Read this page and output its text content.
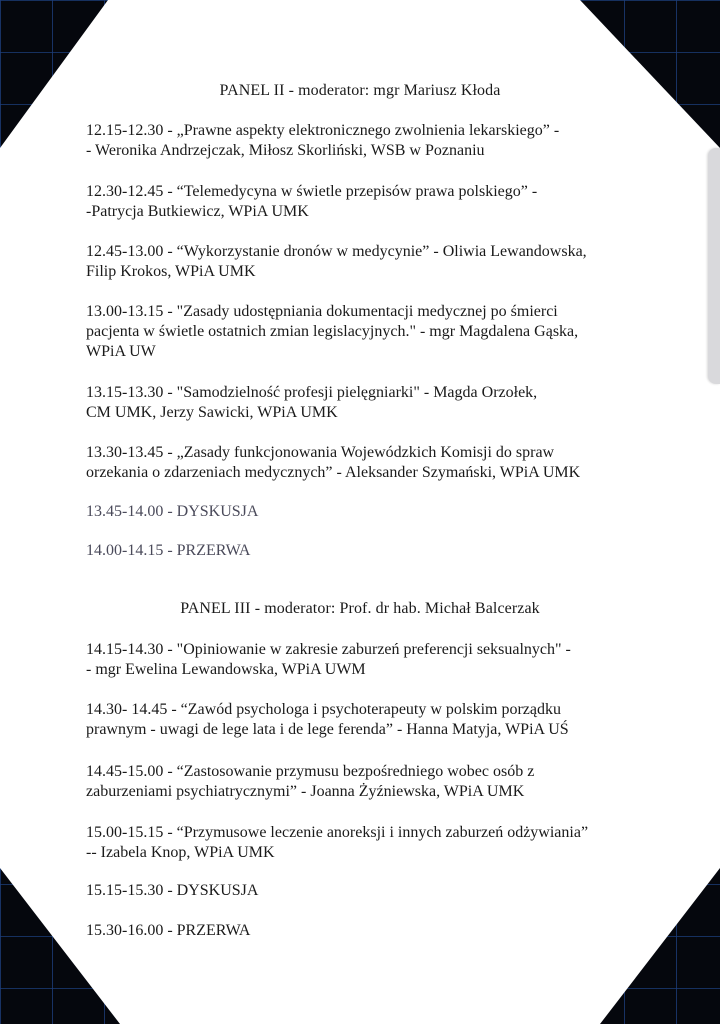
PANEL II - moderator: mgr Mariusz Kłoda
12.15-12.30 - „Prawne aspekty elektronicznego zwolnienia lekarskiego” -
- Weronika Andrzejczak, Miłosz Skorliński, WSB w Poznaniu
12.30-12.45 - “Telemedycyna w świetle przepisów prawa polskiego” -
-Patrycja Butkiewicz, WPiA UMK
12.45-13.00 - “Wykorzystanie dronów w medycynie” - Oliwia Lewandowska,
Filip Krokos, WPiA UMK
13.00-13.15 - "Zasady udostępniania dokumentacji medycznej po śmierci
pacjenta w świetle ostatnich zmian legislacyjnych." - mgr Magdalena Gąska,
WPiA UW
13.15-13.30 - "Samodzielność profesji pielęgniarki" - Magda Orzołek,
CM UMK, Jerzy Sawicki, WPiA UMK
13.30-13.45 - „Zasady funkcjonowania Wojewódzkich Komisji do spraw
orzekania o zdarzeniach medycznych” - Aleksander Szymański, WPiA UMK
13.45-14.00 - DYSKUSJA
14.00-14.15 - PRZERWA
PANEL III - moderator: Prof. dr hab. Michał Balcerzak
14.15-14.30 - "Opiniowanie w zakresie zaburzeń preferencji seksualnych" -
- mgr Ewelina Lewandowska, WPiA UWM
14.30- 14.45 - “Zawód psychologa i psychoterapeuty w polskim porządku
prawnym - uwagi de lege lata i de lege ferenda” - Hanna Matyja, WPiA UŚ
14.45-15.00 - “Zastosowanie przymusu bezpośredniego wobec osób z
zaburzeniami psychiatrycznymi” - Joanna Żyźniewska, WPiA UMK
15.00-15.15 - “Przymusowe leczenie anoreksji i innych zaburzeń odżywiania”
-- Izabela Knop, WPiA UMK
15.15-15.30 - DYSKUSJA
15.30-16.00 - PRZERWA
